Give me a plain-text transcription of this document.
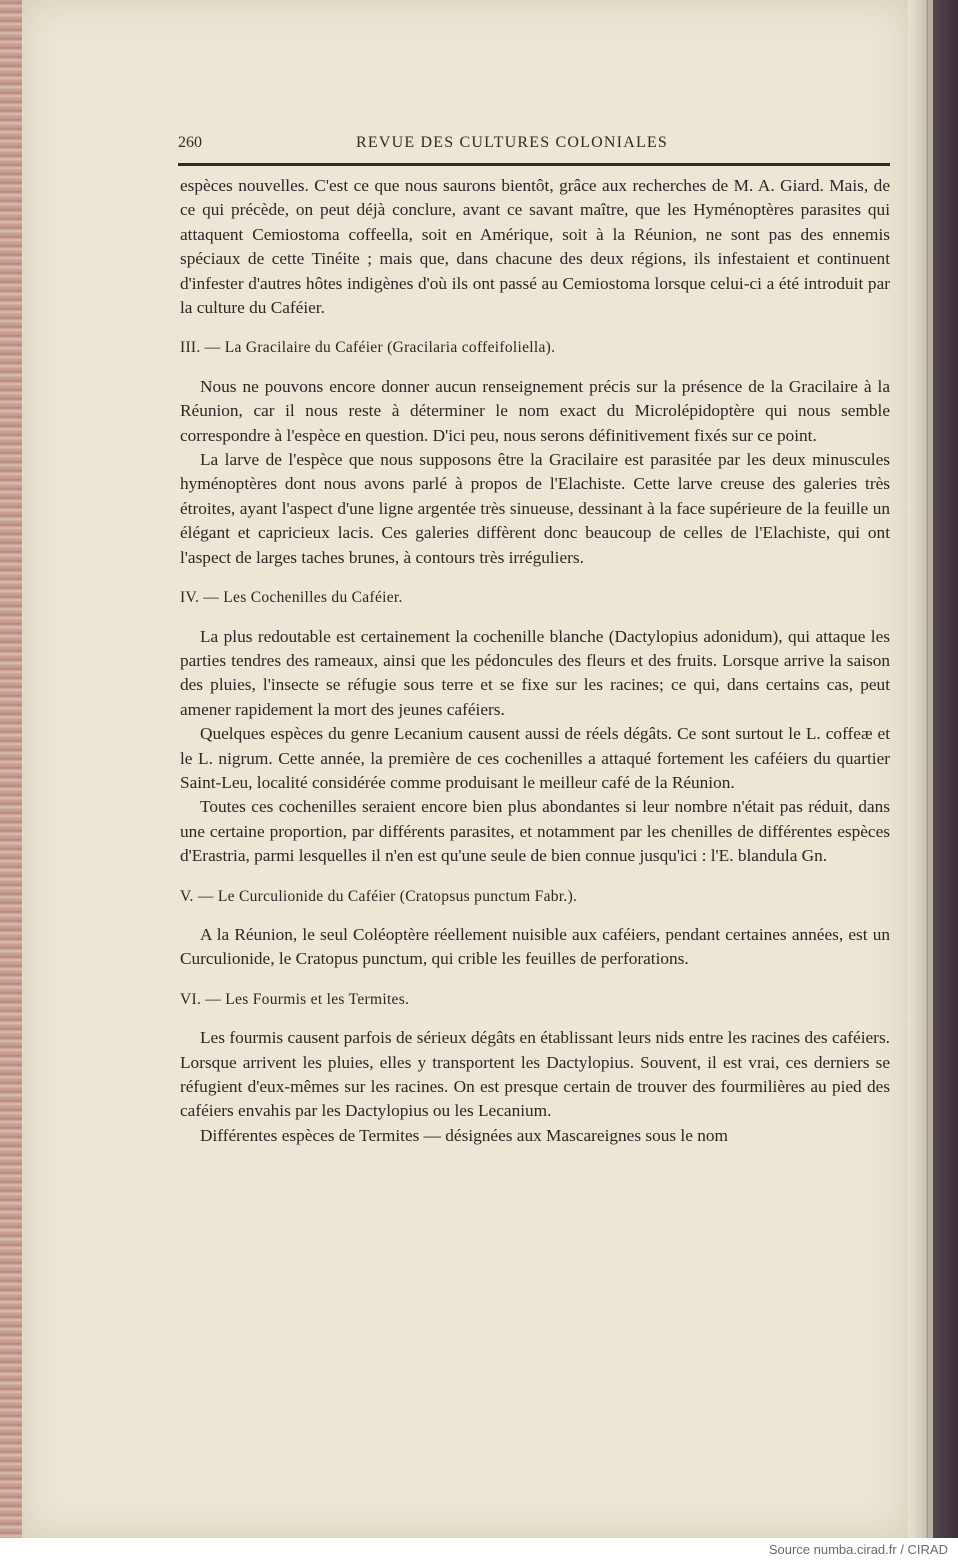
260	REVUE DES CULTURES COLONIALES

espèces nouvelles. C'est ce que nous saurons bientôt, grâce aux recherches de M. A. Giard. Mais, de ce qui précède, on peut déjà conclure, avant ce savant maître, que les Hyménoptères parasites qui attaquent Cemiostoma coffeella, soit en Amérique, soit à la Réunion, ne sont pas des ennemis spéciaux de cette Tinéite ; mais que, dans chacune des deux régions, ils infestaient et continuent d'infester d'autres hôtes indigènes d'où ils ont passé au Cemiostoma lorsque celui-ci a été introduit par la culture du Caféier.

III. — La Gracilaire du Caféier (Gracilaria coffeifoliella).

Nous ne pouvons encore donner aucun renseignement précis sur la présence de la Gracilaire à la Réunion, car il nous reste à déterminer le nom exact du Microlépidoptère qui nous semble correspondre à l'espèce en question. D'ici peu, nous serons définitivement fixés sur ce point.

La larve de l'espèce que nous supposons être la Gracilaire est parasitée par les deux minuscules hyménoptères dont nous avons parlé à propos de l'Elachiste. Cette larve creuse des galeries très étroites, ayant l'aspect d'une ligne argentée très sinueuse, dessinant à la face supérieure de la feuille un élégant et capricieux lacis. Ces galeries diffèrent donc beaucoup de celles de l'Elachiste, qui ont l'aspect de larges taches brunes, à contours très irréguliers.

IV. — Les Cochenilles du Caféier.

La plus redoutable est certainement la cochenille blanche (Dactylopius adonidum), qui attaque les parties tendres des rameaux, ainsi que les pédoncules des fleurs et des fruits. Lorsque arrive la saison des pluies, l'insecte se réfugie sous terre et se fixe sur les racines; ce qui, dans certains cas, peut amener rapidement la mort des jeunes caféiers.

Quelques espèces du genre Lecanium causent aussi de réels dégâts. Ce sont surtout le L. coffeæ et le L. nigrum. Cette année, la première de ces cochenilles a attaqué fortement les caféiers du quartier Saint-Leu, localité considérée comme produisant le meilleur café de la Réunion.

Toutes ces cochenilles seraient encore bien plus abondantes si leur nombre n'était pas réduit, dans une certaine proportion, par différents parasites, et notamment par les chenilles de différentes espèces d'Erastria, parmi lesquelles il n'en est qu'une seule de bien connue jusqu'ici : l'E. blandula Gn.

V. — Le Curculionide du Caféier (Cratopsus punctum Fabr.).

A la Réunion, le seul Coléoptère réellement nuisible aux caféiers, pendant certaines années, est un Curculionide, le Cratopus punctum, qui crible les feuilles de perforations.

VI. — Les Fourmis et les Termites.

Les fourmis causent parfois de sérieux dégâts en établissant leurs nids entre les racines des caféiers. Lorsque arrivent les pluies, elles y transportent les Dactylopius. Souvent, il est vrai, ces derniers se réfugient d'eux-mêmes sur les racines. On est presque certain de trouver des fourmilières au pied des caféiers envahis par les Dactylopius ou les Lecanium.

Différentes espèces de Termites — désignées aux Mascareignes sous le nom

Source numba.cirad.fr / CIRAD
